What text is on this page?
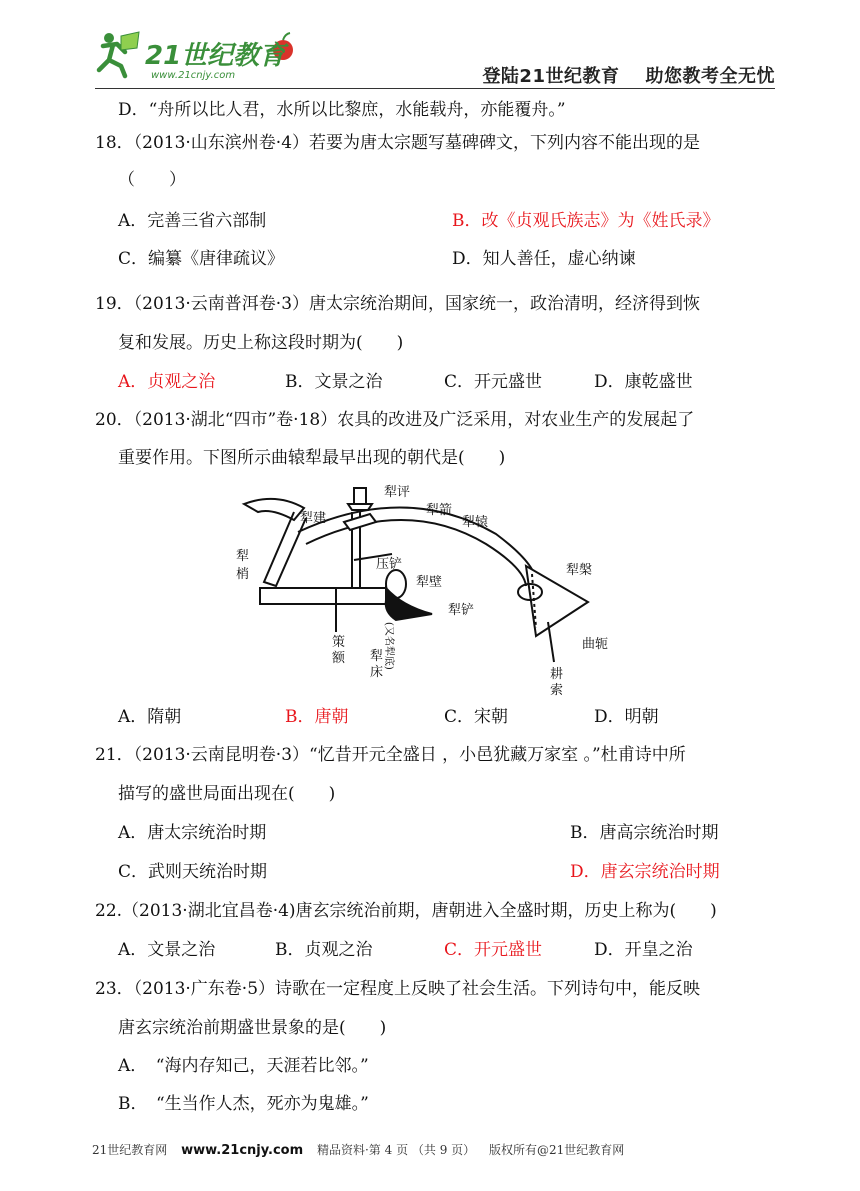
21世纪教育
www.21cnjy.com	登陆21世纪教育 助您教考全无忧
D．“舟所以比人君，水所以比黎庶，水能载舟，亦能覆舟。”
18．（2013·山东滨州卷·4）若要为唐太宗题写墓碑碑文，下列内容不能出现的是
（　　）
A．完善三省六部制	B．改《贞观氏族志》为《姓氏录》
C．编纂《唐律疏议》	D．知人善任，虚心纳谏
19．（2013·云南普洱卷·3）唐太宗统治期间，国家统一，政治清明，经济得到恢
复和发展。历史上称这段时期为(　　)
A．贞观之治	B．文景之治	C．开元盛世	D．康乾盛世
20．（2013·湖北“四市”卷·18）农具的改进及广泛采用，对农业生产的发展起了
重要作用。下图所示曲辕犁最早出现的朝代是(　　)
犁评
犁建
犁箭
犁辕
犁
梢
压铲
犁壁
犁铲
犁槃
曲轭
耕
索
策
额 犁
床
(又名犁底)
A．隋朝	B．唐朝	C．宋朝	D．明朝
21．（2013·云南昆明卷·3）“忆昔开元全盛日 ，小邑犹藏万家室 。”杜甫诗中所
描写的盛世局面出现在(　　)
A．唐太宗统治时期	B．唐高宗统治时期
C．武则天统治时期	D．唐玄宗统治时期
22.（2013·湖北宜昌卷·4)唐玄宗统治前期，唐朝进入全盛时期，历史上称为(　　)
A．文景之治	B．贞观之治	C．开元盛世	D．开皇之治
23．（2013·广东卷·5）诗歌在一定程度上反映了社会生活。下列诗句中，能反映
唐玄宗统治前期盛世景象的是(　　)
A．　“海内存知己，天涯若比邻。”
B．　“生当作人杰，死亦为鬼雄。”
21世纪教育网 www.21cnjy.com 精品资料·第 4 页 （共 9 页） 版权所有@21世纪教育网
